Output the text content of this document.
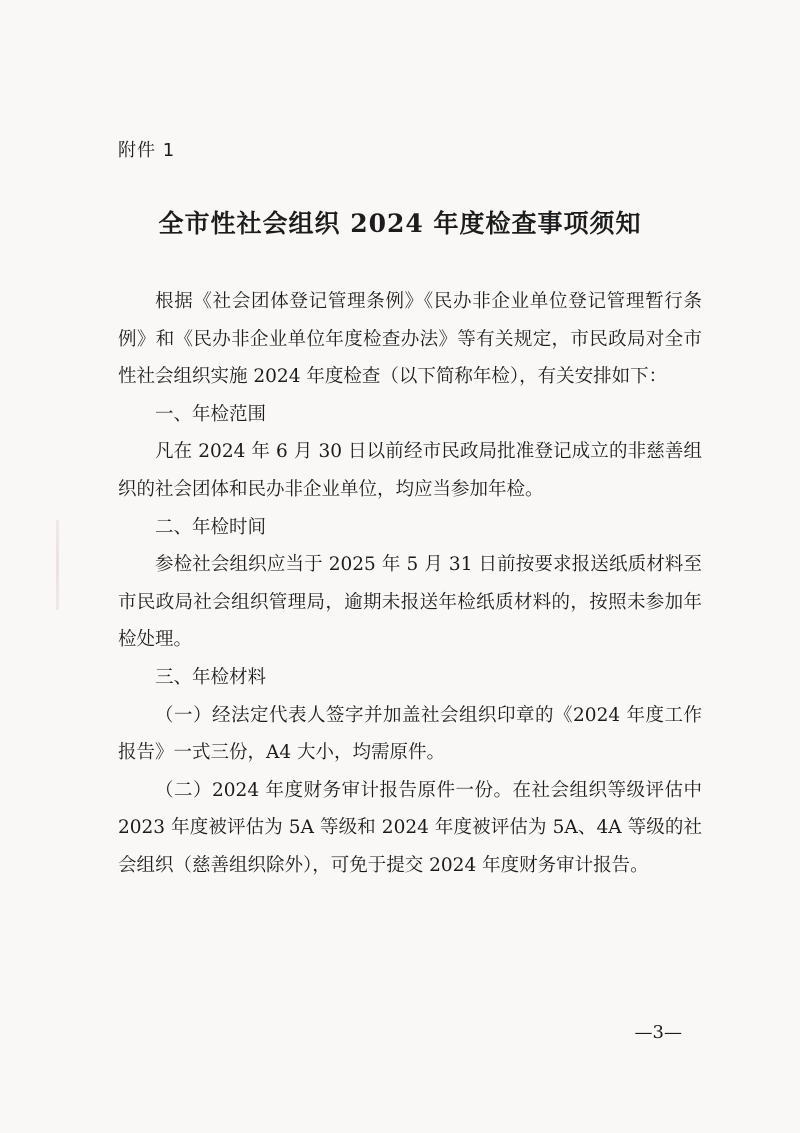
附件 1
全市性社会组织 2024 年度检查事项须知

根据《社会团体登记管理条例》《民办非企业单位登记管理暂行条例》和《民办非企业单位年度检查办法》等有关规定，市民政局对全市性社会组织实施 2024 年度检查（以下简称年检），有关安排如下：

一、年检范围

凡在 2024 年 6 月 30 日以前经市民政局批准登记成立的非慈善组织的社会团体和民办非企业单位，均应当参加年检。

二、年检时间

参检社会组织应当于 2025 年 5 月 31 日前按要求报送纸质材料至市民政局社会组织管理局，逾期未报送年检纸质材料的，按照未参加年检处理。

三、年检材料

（一）经法定代表人签字并加盖社会组织印章的《2024 年度工作报告》一式三份，A4 大小，均需原件。

（二）2024 年度财务审计报告原件一份。在社会组织等级评估中 2023 年度被评估为 5A 等级和 2024 年度被评估为 5A、4A 等级的社会组织（慈善组织除外），可免于提交 2024 年度财务审计报告。

—3—
